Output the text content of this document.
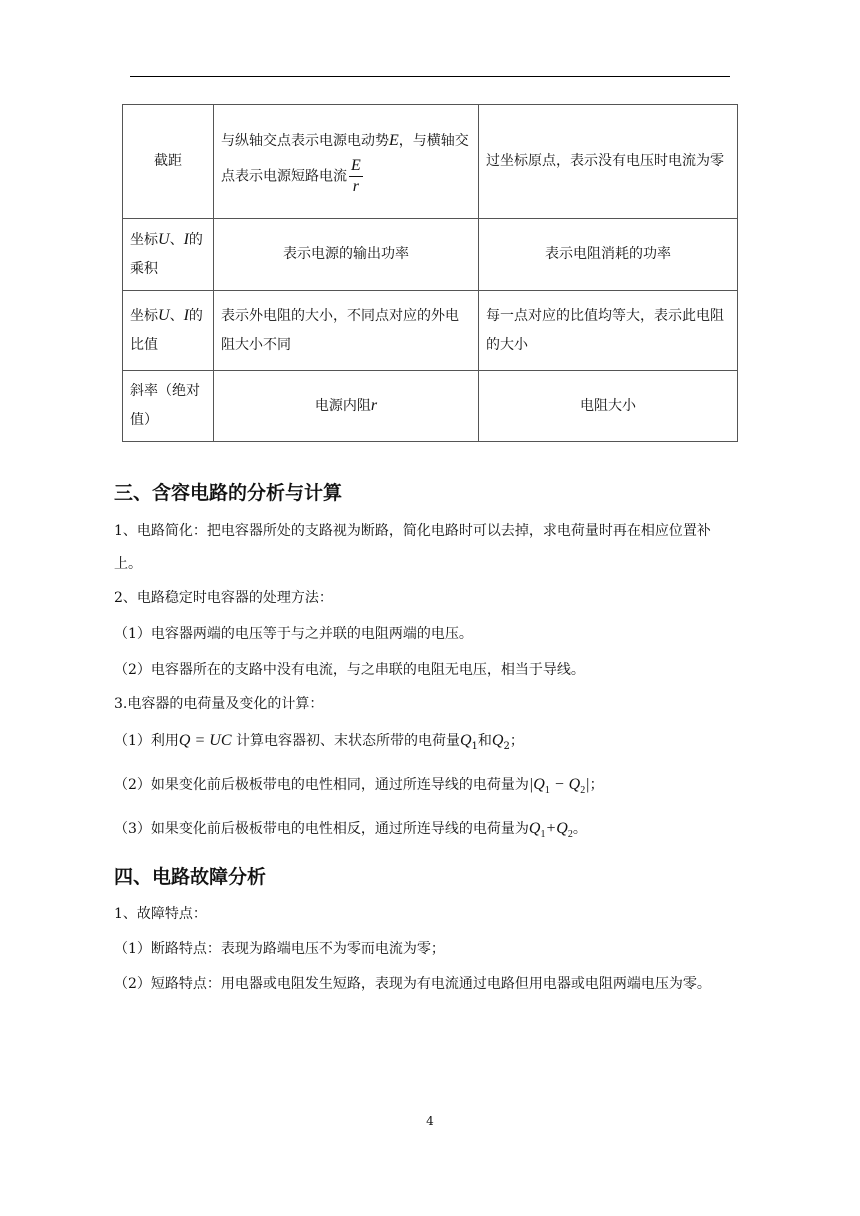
截距	与纵轴交点表示电源电动势E，与横轴交点表示电源短路电流 $\frac{E}{r}$	过坐标原点，表示没有电压时电流为零
坐标U、I的乘积	表示电源的输出功率	表示电阻消耗的功率
坐标U、I的比值	表示外电阻的大小，不同点对应的外电阻大小不同	每一点对应的比值均等大，表示此电阻的大小
斜率（绝对值）	电源内阻r	电阻大小
三、含容电路的分析与计算
1、电路简化：把电容器所处的支路视为断路，简化电路时可以去掉，求电荷量时再在相应位置补上。
2、电路稳定时电容器的处理方法：
（1）电容器两端的电压等于与之并联的电阻两端的电压。
（2）电容器所在的支路中没有电流，与之串联的电阻无电压，相当于导线。
3.电容器的电荷量及变化的计算：
（1）利用Q = UC 计算电容器初、末状态所带的电荷量$Q_1$和$Q_2$；
（2）如果变化前后极板带电的电性相同，通过所连导线的电荷量为$|Q_1 - Q_2|$；
（3）如果变化前后极板带电的电性相反，通过所连导线的电荷量为$Q_1+Q_2$。
四、电路故障分析
1、故障特点：
（1）断路特点：表现为路端电压不为零而电流为零；
（2）短路特点：用电器或电阻发生短路，表现为有电流通过电路但用电器或电阻两端电压为零。
4
